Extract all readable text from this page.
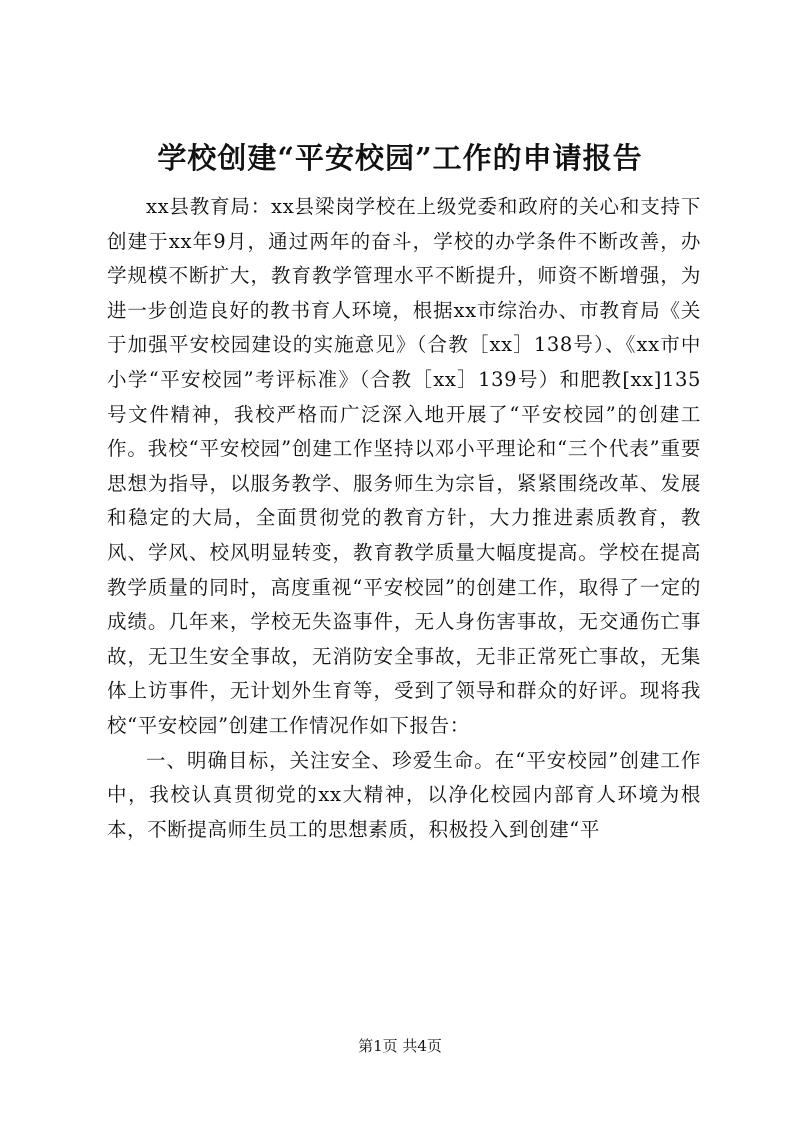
学校创建“平安校园”工作的申请报告

xx县教育局：xx县梁岗学校在上级党委和政府的关心和支持下创建于xx年9月，通过两年的奋斗，学校的办学条件不断改善，办学规模不断扩大，教育教学管理水平不断提升，师资不断增强，为进一步创造良好的教书育人环境，根据xx市综治办、市教育局《关于加强平安校园建设的实施意见》（合教［xx］138号）、《xx市中小学“平安校园”考评标准》（合教［xx］139号）和肥教[xx]135号文件精神，我校严格而广泛深入地开展了“平安校园”的创建工作。我校“平安校园”创建工作坚持以邓小平理论和“三个代表”重要思想为指导，以服务教学、服务师生为宗旨，紧紧围绕改革、发展和稳定的大局，全面贯彻党的教育方针，大力推进素质教育，教风、学风、校风明显转变，教育教学质量大幅度提高。学校在提高教学质量的同时，高度重视“平安校园”的创建工作，取得了一定的成绩。几年来，学校无失盗事件，无人身伤害事故，无交通伤亡事故，无卫生安全事故，无消防安全事故，无非正常死亡事故，无集体上访事件，无计划外生育等，受到了领导和群众的好评。现将我校“平安校园”创建工作情况作如下报告：

一、明确目标，关注安全、珍爱生命。在“平安校园”创建工作中，我校认真贯彻党的xx大精神，以净化校园内部育人环境为根本，不断提高师生员工的思想素质，积极投入到创建“平

第1页 共4页
